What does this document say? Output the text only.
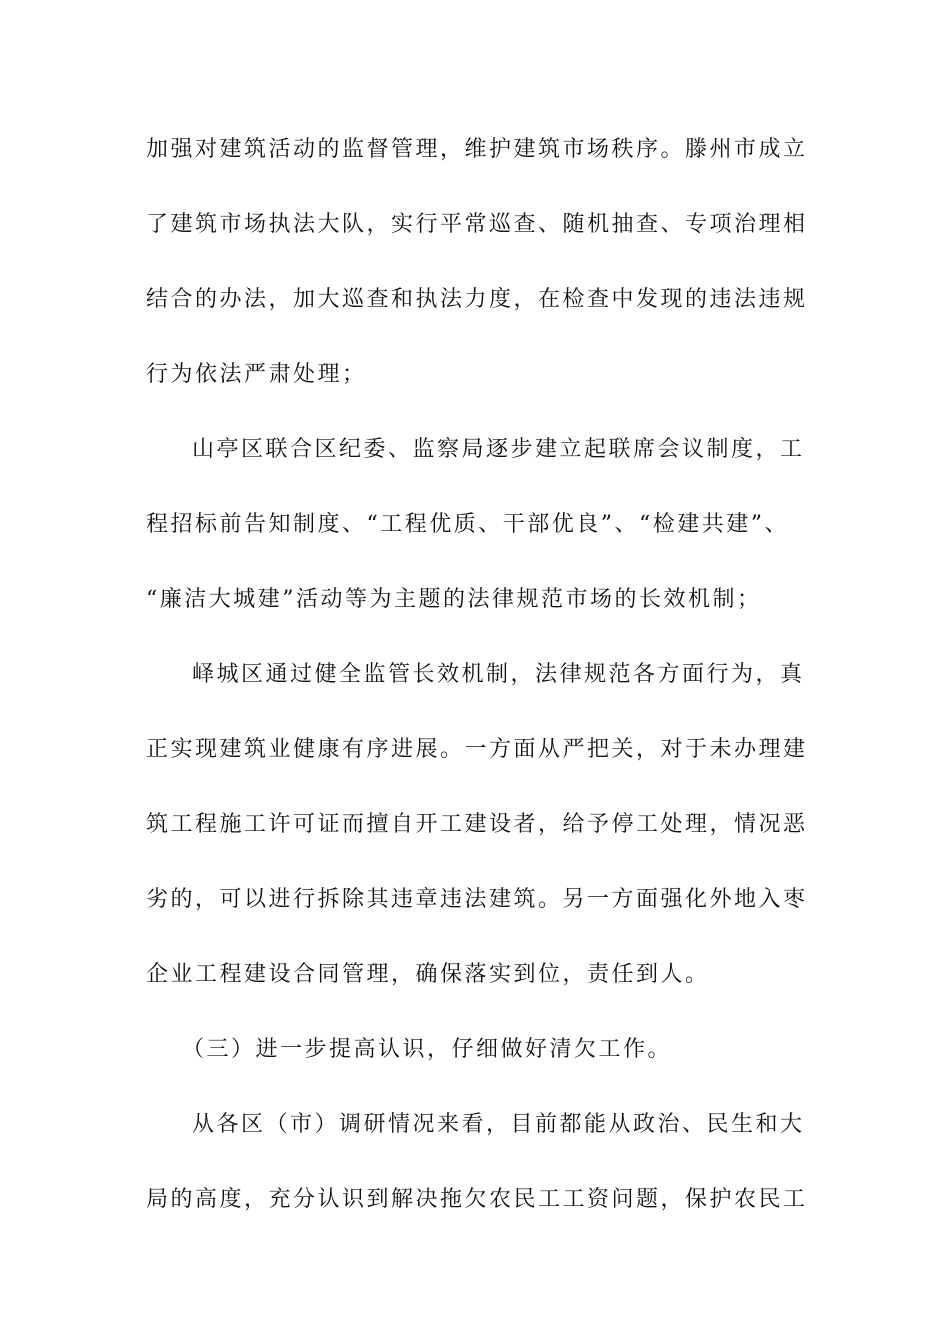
加强对建筑活动的监督管理，维护建筑市场秩序。滕州市成立
了建筑市场执法大队，实行平常巡查、随机抽查、专项治理相
结合的办法，加大巡查和执法力度，在检查中发现的违法违规
行为依法严肃处理；
山亭区联合区纪委、监察局逐步建立起联席会议制度，工
程招标前告知制度、“工程优质、干部优良”、“检建共建”、
“廉洁大城建”活动等为主题的法律规范市场的长效机制；
峄城区通过健全监管长效机制，法律规范各方面行为，真
正实现建筑业健康有序进展。一方面从严把关，对于未办理建
筑工程施工许可证而擅自开工建设者，给予停工处理，情况恶
劣的，可以进行拆除其违章违法建筑。另一方面强化外地入枣
企业工程建设合同管理，确保落实到位，责任到人。
（三）进一步提高认识，仔细做好清欠工作。
从各区（市）调研情况来看，目前都能从政治、民生和大
局的高度，充分认识到解决拖欠农民工工资问题，保护农民工
